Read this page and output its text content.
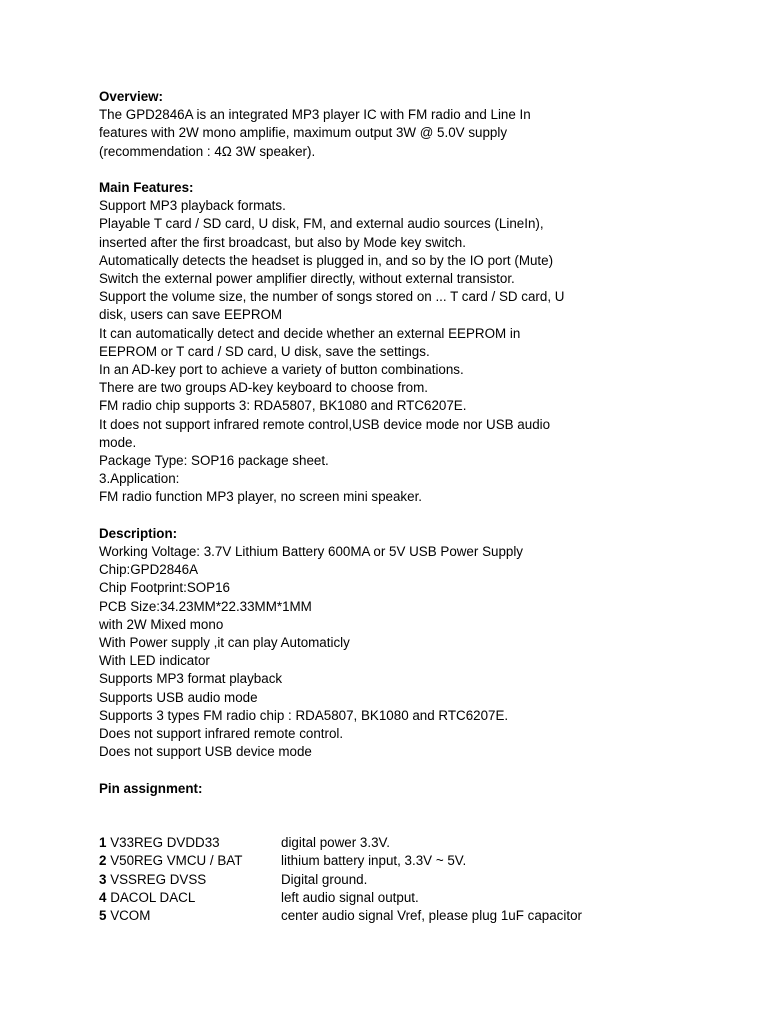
Overview:
The GPD2846A is an integrated MP3 player IC with FM radio and Line In
features with 2W mono amplifie, maximum output 3W @ 5.0V supply
(recommendation : 4Ω 3W speaker).
Main Features:
Support MP3 playback formats.
Playable T card / SD card, U disk, FM, and external audio sources (LineIn),
inserted after the first broadcast, but also by Mode key switch.
Automatically detects the headset is plugged in, and so by the IO port (Mute)
Switch the external power amplifier directly, without external transistor.
Support the volume size, the number of songs stored on ... T card / SD card, U
disk, users can save EEPROM
It can automatically detect and decide whether an external EEPROM in
EEPROM or T card / SD card, U disk, save the settings.
In an AD-key port to achieve a variety of button combinations.
There are two groups AD-key keyboard to choose from.
FM radio chip supports 3: RDA5807, BK1080 and RTC6207E.
It does not support infrared remote control,USB device mode nor USB audio
mode.
Package Type: SOP16 package sheet.
3.Application:
FM radio function MP3 player, no screen mini speaker.
Description:
Working Voltage: 3.7V Lithium Battery 600MA or 5V USB Power Supply
Chip:GPD2846A
Chip Footprint:SOP16
PCB Size:34.23MM*22.33MM*1MM
with 2W Mixed mono
With Power supply ,it can play Automaticly
With LED indicator
Supports MP3 format playback
Supports USB audio mode
Supports 3 types FM radio chip : RDA5807, BK1080 and RTC6207E.
Does not support infrared remote control.
Does not support USB device mode
Pin assignment:
1 V33REG DVDD33	digital power 3.3V.
2 V50REG VMCU / BAT	lithium battery input, 3.3V ~ 5V.
3 VSSREG DVSS	Digital ground.
4 DACOL DACL	left audio signal output.
5 VCOM	center audio signal Vref, please plug 1uF capacitor
